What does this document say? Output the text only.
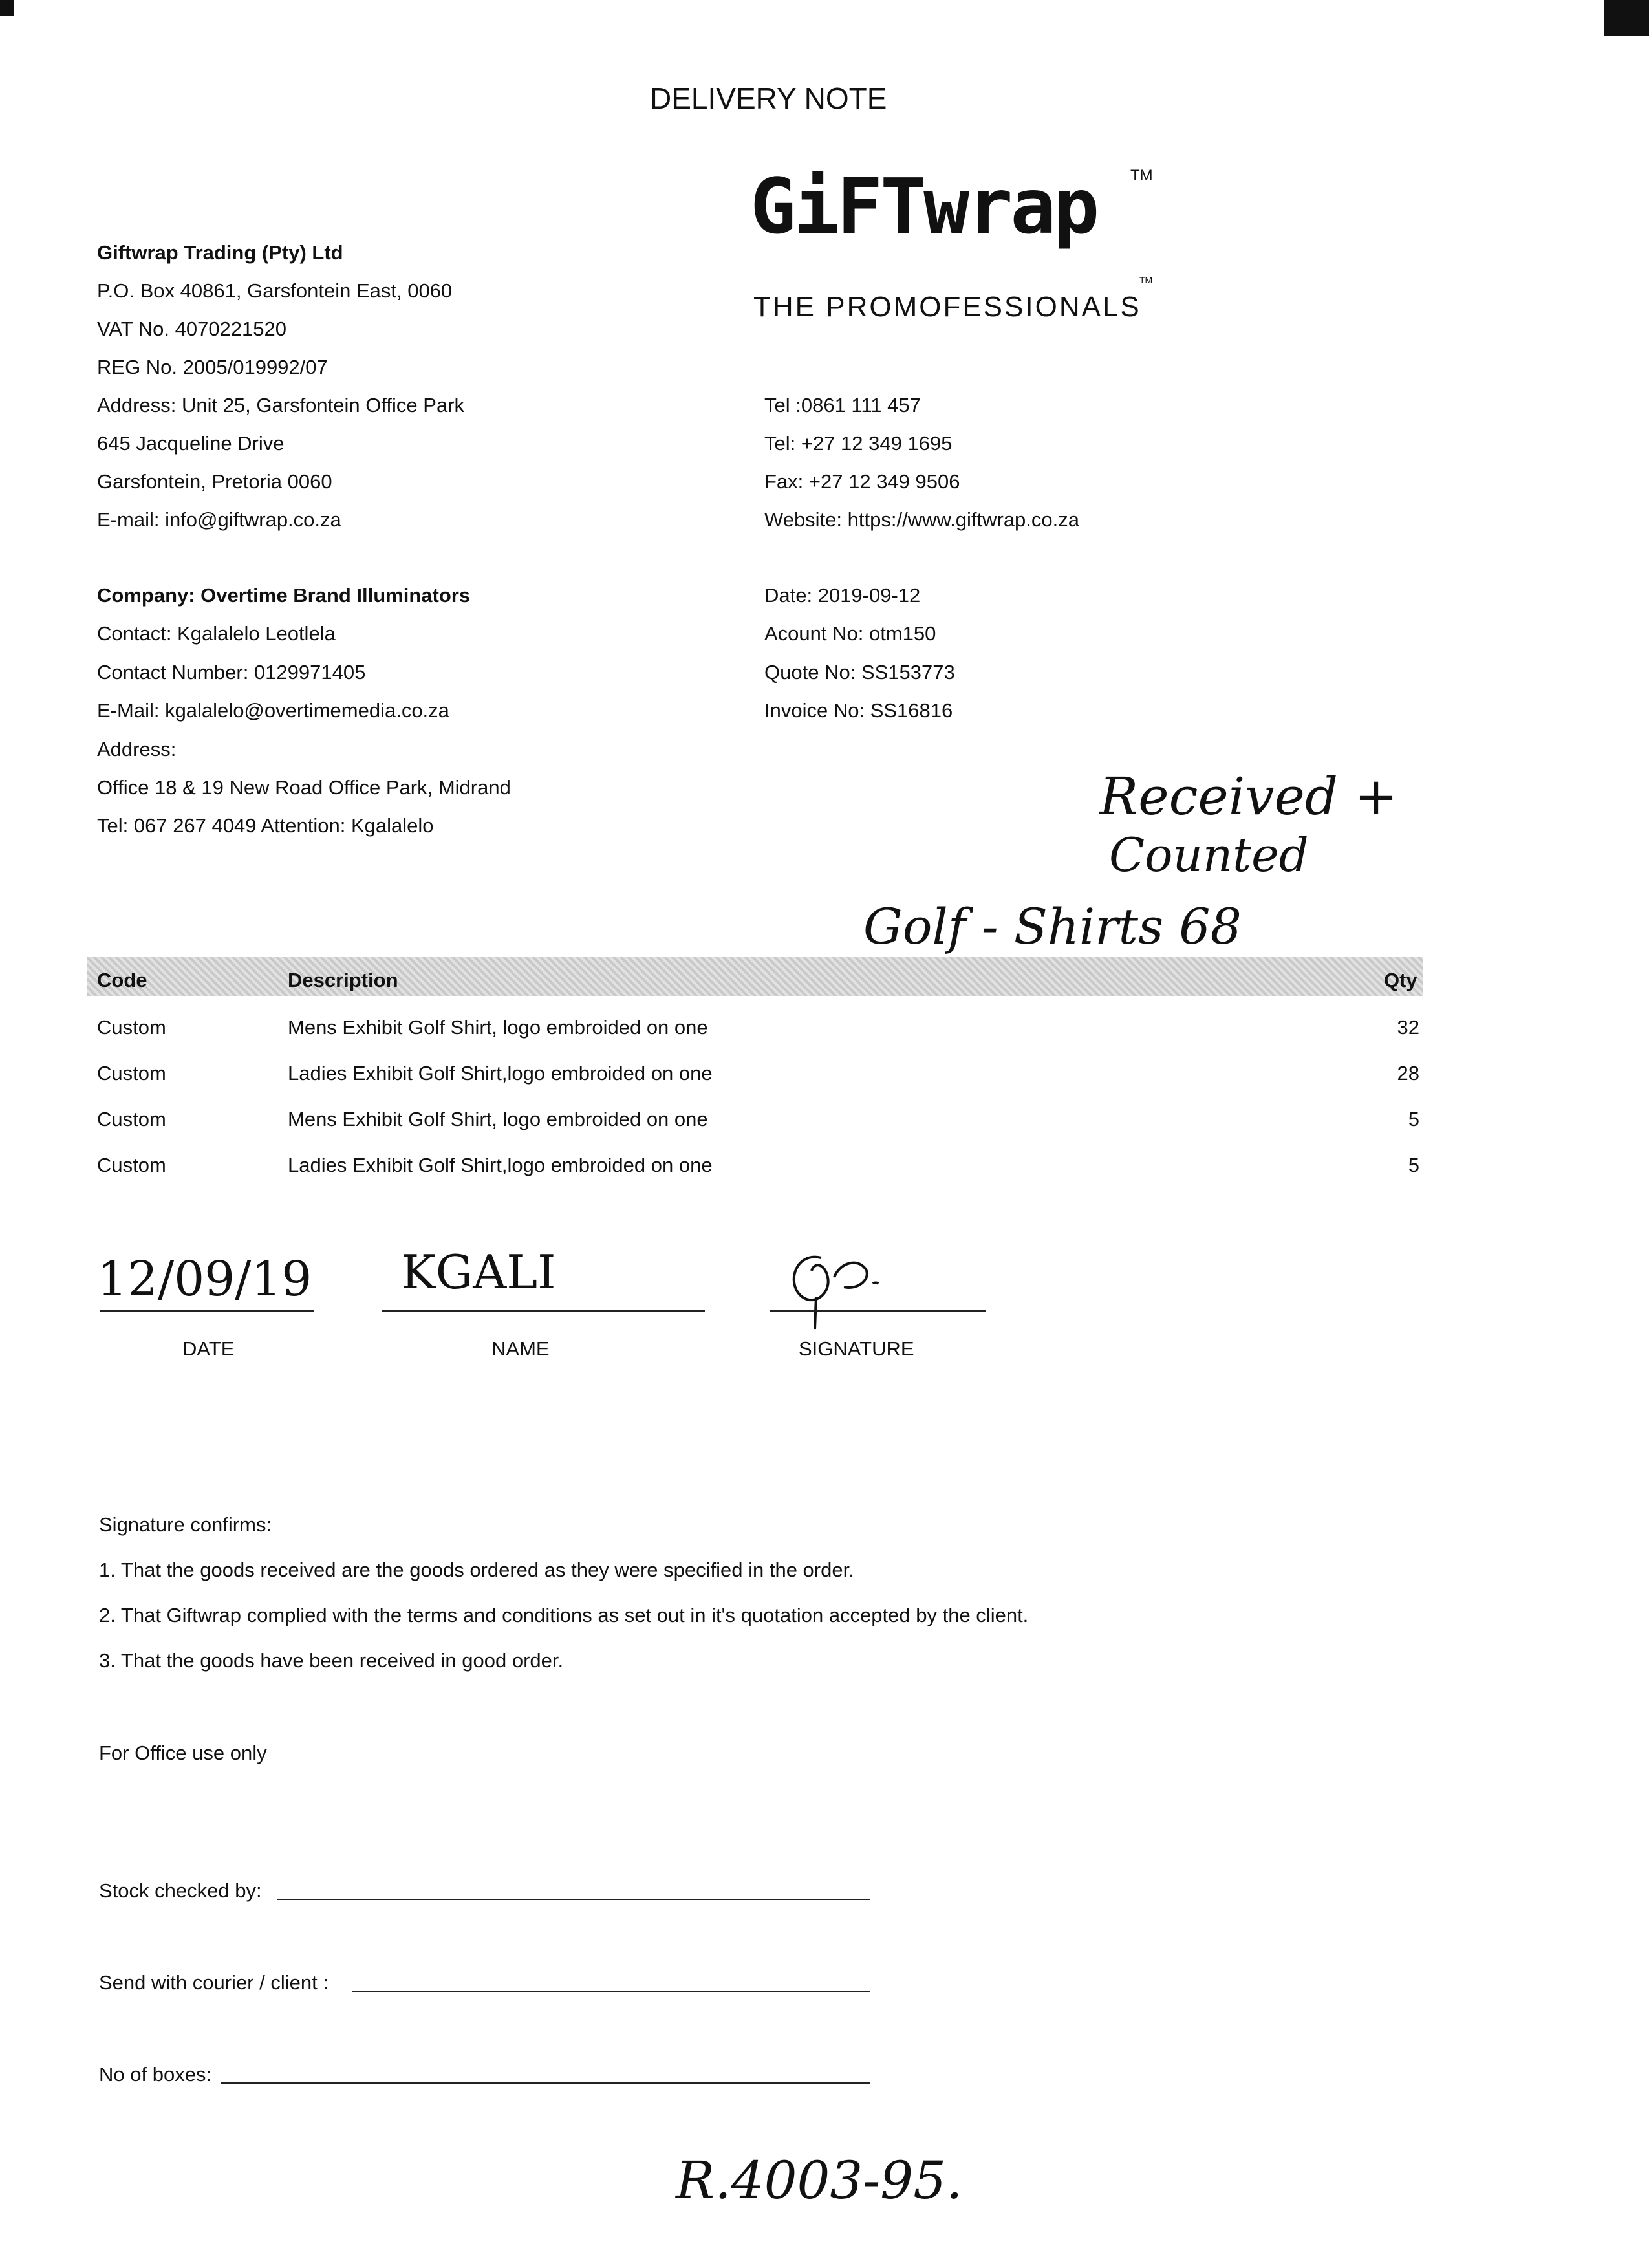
DELIVERY NOTE
GiFTwrap TM
THE PROMOFESSIONALS
TM
Giftwrap Trading (Pty) Ltd
P.O. Box 40861, Garsfontein East, 0060
VAT No. 4070221520
REG No. 2005/019992/07
Address: Unit 25, Garsfontein Office Park
645 Jacqueline Drive
Garsfontein, Pretoria 0060
E-mail: info@giftwrap.co.za
Tel :0861 111 457
Tel: +27 12 349 1695
Fax: +27 12 349 9506
Website: https://www.giftwrap.co.za
Company: Overtime Brand Illuminators
Contact: Kgalalelo Leotlela
Contact Number: 0129971405
E-Mail: kgalalelo@overtimemedia.co.za
Address:
Office 18 & 19 New Road Office Park, Midrand
Tel: 067 267 4049 Attention: Kgalalelo
Date: 2019-09-12
Acount No: otm150
Quote No: SS153773
Invoice No: SS16816
Received +
Counted
Golf - Shirts 68
Code	Description	Qty
Custom	Mens Exhibit Golf Shirt, logo embroided on one	32
Custom	Ladies Exhibit Golf Shirt,logo embroided on one	28
Custom	Mens Exhibit Golf Shirt, logo embroided on one	5
Custom	Ladies Exhibit Golf Shirt,logo embroided on one	5
12/09/19 KGALI
DATE	NAME	SIGNATURE
Signature confirms:
1. That the goods received are the goods ordered as they were specified in the order.
2. That Giftwrap complied with the terms and conditions as set out in it's quotation accepted by the client.
3. That the goods have been received in good order.
For Office use only
Stock checked by:
Send with courier / client :
No of boxes:
R.4003-95.
